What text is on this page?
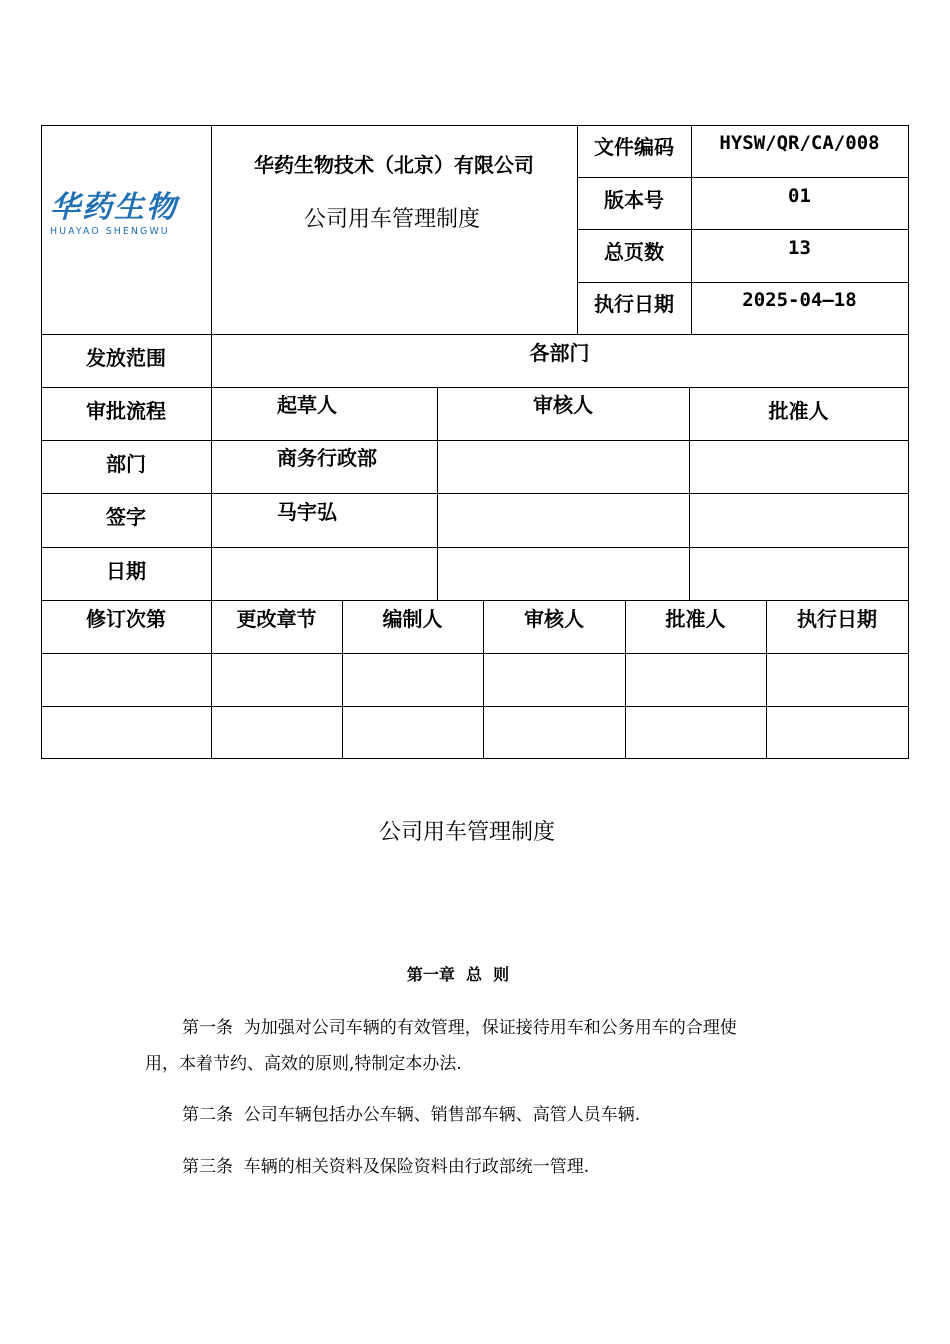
华药生物
HUAYAO SHENGWU
华药生物技术（北京）有限公司
公司用车管理制度
文件编码	HYSW/QR/CA/008
版本号	01
总页数	13
执行日期	2025-04—18
发放范围	各部门
审批流程	起草人	审核人	批准人
部门	商务行政部
签字	马宇弘
日期
修订次第	更改章节	编制人	审核人	批准人	执行日期
公司用车管理制度
第一章  总  则
第一条  为加强对公司车辆的有效管理，保证接待用车和公务用车的合理使
用，本着节约、高效的原则,特制定本办法.
第二条  公司车辆包括办公车辆、销售部车辆、高管人员车辆.
第三条  车辆的相关资料及保险资料由行政部统一管理.
